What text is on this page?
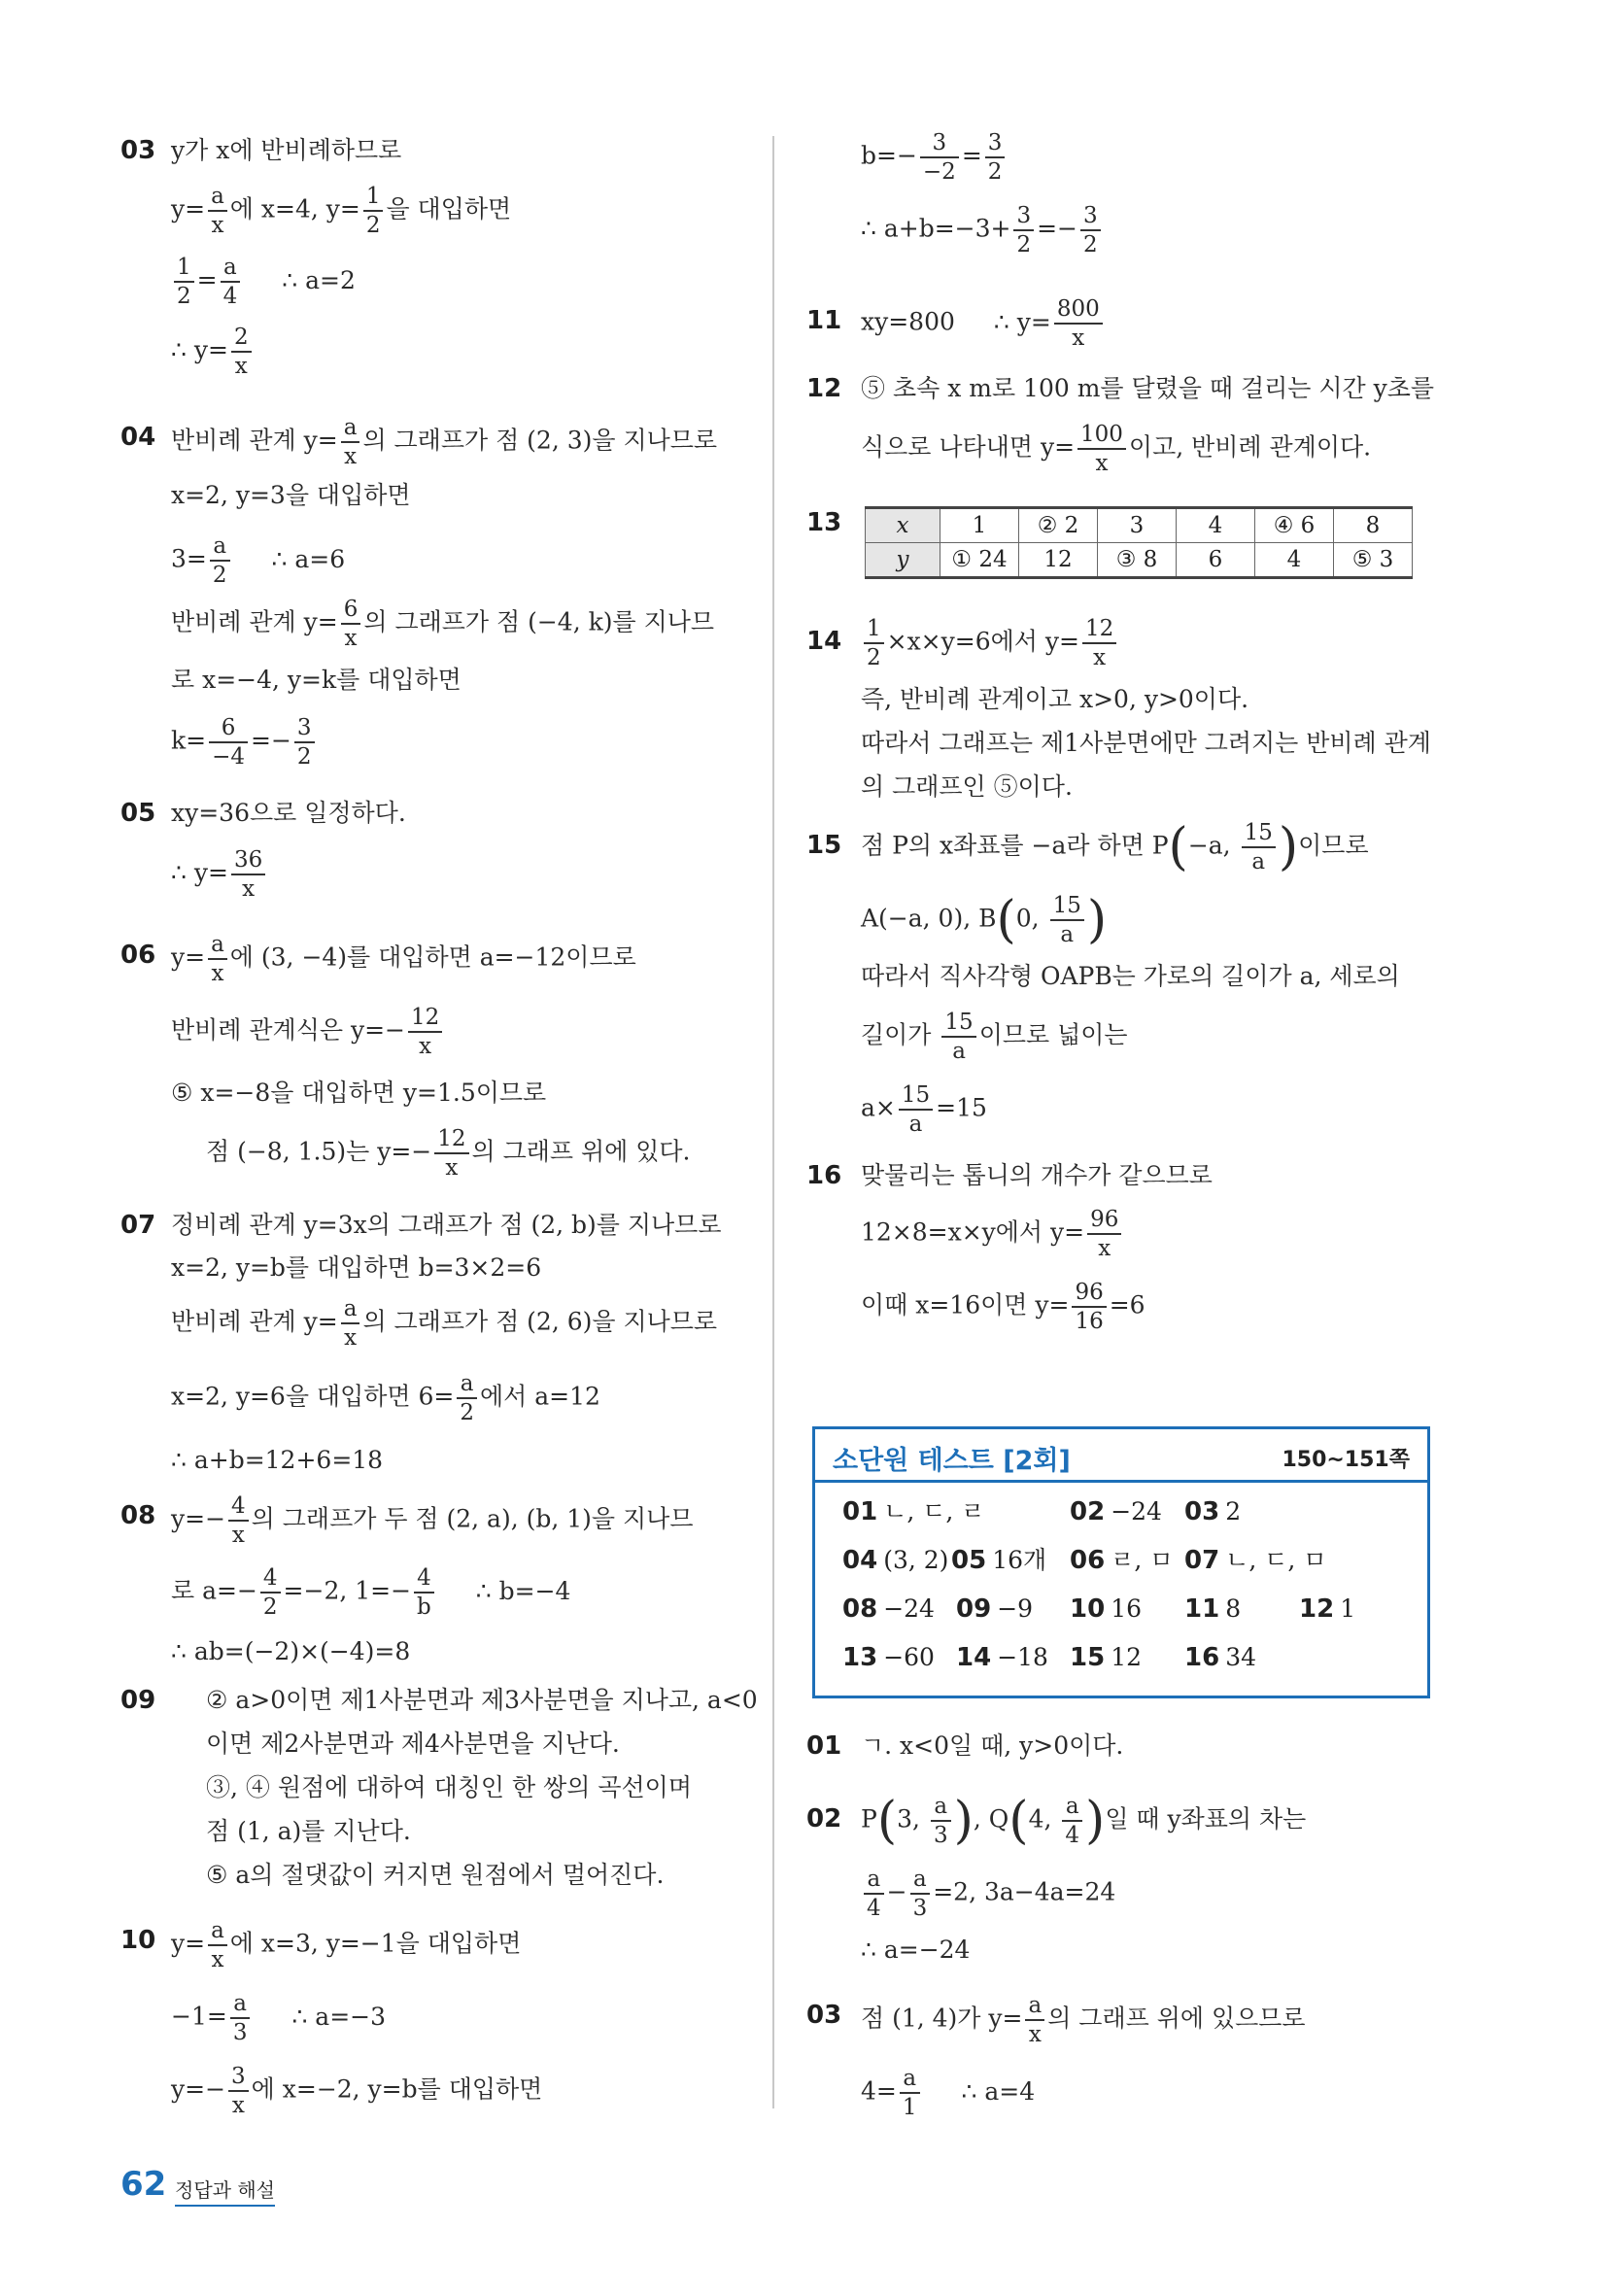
03 y가 x에 반비례하므로
$y= \frac{a}{x}$ 에 x=4, $y= \frac{1}{2}$ 을 대입하면
$\frac{1}{2} = \frac{a}{4}$ ∴ a=2
∴ $y= \frac{2}{x}$
04 반비례 관계 $y= \frac{a}{x}$ 의 그래프가 점 (2, 3)을 지나므로
x=2, y=3을 대입하면
$3= \frac{a}{2}$ ∴ a=6
반비례 관계 $y= \frac{6}{x}$ 의 그래프가 점 (−4, k)를 지나므
로 x=−4, y=k를 대입하면
$k= \frac{6}{-4} =- \frac{3}{2}$
05 xy=36으로 일정하다.
∴ $y= \frac{36}{x}$
06 $y= \frac{a}{x}$ 에 (3, −4)를 대입하면 a=−12이므로
반비례 관계식은 $y=- \frac{12}{x}$
⑤ x=−8을 대입하면 y=1.5이므로
점 (−8, 1.5)는 $y=- \frac{12}{x}$ 의 그래프 위에 있다.
07 정비례 관계 y=3x의 그래프가 점 (2, b)를 지나므로
x=2, y=b를 대입하면 b=3×2=6
반비례 관계 $y= \frac{a}{x}$ 의 그래프가 점 (2, 6)을 지나므로
x=2, y=6을 대입하면 $6= \frac{a}{2}$ 에서 a=12
∴ a+b=12+6=18
08 $y=- \frac{4}{x}$ 의 그래프가 두 점 (2, a), (b, 1)을 지나므
로 $a=- \frac{4}{2} =-2$, $1=- \frac{4}{b}$ ∴ b=−4
∴ ab=(−2)×(−4)=8
09 ② a>0이면 제1사분면과 제3사분면을 지나고, a<0
이면 제2사분면과 제4사분면을 지난다.
③, ④ 원점에 대하여 대칭인 한 쌍의 곡선이며
점 (1, a)를 지난다.
⑤ a의 절댓값이 커지면 원점에서 멀어진다.
10 $y= \frac{a}{x}$ 에 x=3, y=−1을 대입하면
$-1= \frac{a}{3}$ ∴ a=−3
$y=- \frac{3}{x}$ 에 x=−2, y=b를 대입하면
$b=- \frac{3}{-2} = \frac{3}{2}$
∴ $a+b=-3+ \frac{3}{2} =- \frac{3}{2}$
11 xy=800 ∴ $y= \frac{800}{x}$
12 ⑤ 초속 x m로 100 m를 달렸을 때 걸리는 시간 y초를
식으로 나타내면 $y= \frac{100}{x}$ 이고, 반비례 관계이다.
13 x	1	② 2	3	4	④ 6	8
y	① 24	12	③ 8	6	4	⑤ 3
$14 \frac{1}{2} \times x\times y=6$에서 $y= \frac{12}{x}$
즉, 반비례 관계이고 x>0, y>0이다.
따라서 그래프는 제1사분면에만 그려지는 반비례 관계
의 그래프인 ⑤이다.
15 점 P의 x좌표를 −a라 하면 P(−a, $\frac{15}{a}$ )이므로
A(−a, 0), B(0, $\frac{15}{a}$ )
따라서 직사각형 OAPB는 가로의 길이가 a, 세로의
길이가 $\frac{15}{a}$ 이므로 넓이는
$a\times \frac{15}{a} =15$
16 맞물리는 톱니의 개수가 같으므로
12×8=x×y에서 $y= \frac{96}{x}$
이때 x=16이면 $y= \frac{96}{16} =6$
소단원 테스트 [2회]	150~151쪽
01 ㄴ, ㄷ, ㄹ	02 −24 03 2
04 (3, 2) 05 16개 06 ㄹ, ㅁ 07 ㄴ, ㄷ, ㅁ
08 −24 09 −9 10 16 11 8 12 1
13 −60 14 −18 15 12 16 34
01 ㄱ. x<0일 때, y>0이다.
02 P(3, $\frac{a}{3}$ ), Q(4, $\frac{a}{4}$ )일 때 y좌표의 차는
$\frac{a}{4} - \frac{a}{3} =2$, 3a−4a=24
∴ a=−24
03 점 (1, 4)가 $y= \frac{a}{x}$ 의 그래프 위에 있으므로
$4= \frac{a}{1}$ ∴ a=4
62 정답과 해설
